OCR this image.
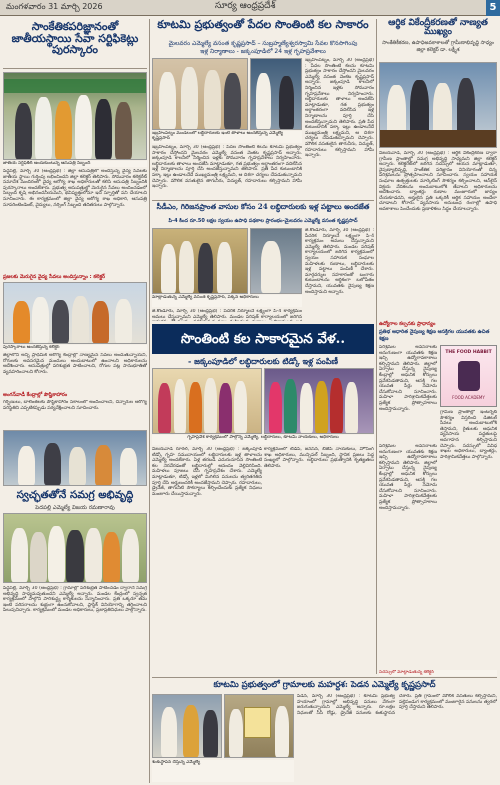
మంగళవారం 31 మార్చి 2026	సూర్య ఆంధ్రప్రదేశ్	5
సాంకేతికపరిజ్ఞానంతో జాతీయస్థాయి సేవా సర్టిఫికెట్లు పురస్కారం
జాతీయ సర్టిఫికెట్ అందుకుంటున్న ఆసుపత్రి సిబ్బంది
పెద్దపల్లి, మార్చి 30 (ఆంధ్రప్రభ) : జిల్లా ఆసుపత్రిలో అందిస్తున్న వైద్య సేవలకు జాతీయ స్థాయి గుర్తింపు లభించిందని జిల్లా కలెక్టర్ తెలిపారు. సోమవారం కలెక్టరేట్ సమావేశ మందిరంలో వైద్య ఆరోగ్య శాఖ అధికారులతో కలిసి ఆసుపత్రి సిబ్బందికి పురస్కారాలు అందజేశారు. ప్రభుత్వ ఆసుపత్రుల్లో మెరుగైన సేవలు అందించడంలో సిబ్బంది కృషి అభినందనీయమని, భవిష్యత్తులోనూ ఇదే స్ఫూర్తితో పని చేయాలని సూచించారు. ఈ కార్యక్రమంలో జిల్లా వైద్య ఆరోగ్య శాఖ అధికారి, ఆసుపత్రి సూపరింటెండెంట్, వైద్యులు, నర్సింగ్ సిబ్బంది తదితరులు పాల్గొన్నారు.
ప్రజలకు మెరుగైన వైద్య సేవలు అందిస్తున్నాం : కలెక్టర్
పురస్కారాలు అందజేస్తున్న కలెక్టర్
జిల్లాలోని అన్ని ప్రాథమిక ఆరోగ్య కేంద్రాల్లో నాణ్యమైన సేవలు అందుతున్నాయని, రోగులకు అవసరమైన మందులు అందుబాటులో ఉంచాలని అధికారులను ఆదేశించారు. ఆసుపత్రుల్లో పరిశుభ్రత పాటించాలని, రోగుల పట్ల సానుభూతితో వ్యవహరించాలని కోరారు.
అంగన్‌వాడీ కేంద్రాల్లో పౌష్టికాహారం
గర్భిణులు, బాలింతలకు పౌష్టికాహారం సకాలంలో అందించాలని, చిన్నారుల ఆరోగ్య పరిస్థితిని ఎప్పటికప్పుడు పర్యవేక్షించాలని సూచించారు.
స్వచ్ఛతతోనే సమగ్ర అభివృద్ధి
పెదపల్లి ఎమ్మెల్యే విజయ రమణారావు
పెద్దపల్లి, మార్చి 30 (ఆంధ్రప్రభ) : గ్రామాల్లో పరిశుభ్రత పాటించడం ద్వారానే సమగ్ర అభివృద్ధి సాధ్యమవుతుందని ఎమ్మెల్యే అన్నారు. మండల కేంద్రంలో స్వచ్ఛత కార్యక్రమంలో పాల్గొని పారిశుద్ధ్య కార్మికులను సన్మానించారు. ప్రతి ఒక్కరూ తమ ఇంటి పరిసరాలను శుభ్రంగా ఉంచుకోవాలని, ప్లాస్టిక్ వినియోగాన్ని తగ్గించాలని పిలుపునిచ్చారు. కార్యక్రమంలో మండల అధికారులు, ప్రజాప్రతినిధులు పాల్గొన్నారు.
కూటమి ప్రభుత్వంతో పేదల సొంతింటి కల సాకారం
మైలవరం ఎమ్మెల్యే వసంత కృష్ణప్రసాద్ – సుబ్రహ్మణ్యేశ్వరస్వామి సేవల కొనసాగింపు
ఇళ్ల నిర్మాణాలు - జక్కంపూడిలో 24 ఇళ్ల గృహప్రవేశాలు
ఇబ్రహీంపట్నం మండలంలో లబ్ధిదారులకు ఇంటి తాళాలు అందజేస్తున్న ఎమ్మెల్యే కృష్ణప్రసాద్
ఇబ్రహీంపట్నం, మార్చి 30 (ఆంధ్రప్రభ) : పేదల సొంతింటి కలను కూటమి ప్రభుత్వం సాకారం చేస్తోందని మైలవరం ఎమ్మెల్యే వసంత వెంకట కృష్ణప్రసాద్ అన్నారు. జక్కంపూడి కాలనీలో నిర్మించిన ఇళ్లకు సోమవారం గృహప్రవేశాలు నిర్వహించారు. లబ్ధిదారులకు తాళాలు అందజేసి మాట్లాడుతూ, గత ప్రభుత్వం అర్ధాంతరంగా వదిలేసిన ఇళ్ల నిర్మాణాలను పూర్తి చేసి అందజేస్తున్నామని తెలిపారు. ప్రతి పేద కుటుంబానికి పక్కా ఇల్లు ఉండాలనేదే ముఖ్యమంత్రి లక్ష్యమని, ఆ దిశగా చర్యలు చేపడుతున్నామని చెప్పారు. మౌలిక వసతులైన తాగునీరు, విద్యుత్, రహదారులు కల్పిస్తామని హామీ ఇచ్చారు.
ఇబ్రహీంపట్నం, మార్చి 30 (ఆంధ్రప్రభ) : పేదల సొంతింటి కలను కూటమి ప్రభుత్వం సాకారం చేస్తోందని మైలవరం ఎమ్మెల్యే వసంత వెంకట కృష్ణప్రసాద్ అన్నారు. జక్కంపూడి కాలనీలో నిర్మించిన ఇళ్లకు సోమవారం గృహప్రవేశాలు నిర్వహించారు. లబ్ధిదారులకు తాళాలు అందజేసి మాట్లాడుతూ, గత ప్రభుత్వం అర్ధాంతరంగా వదిలేసిన ఇళ్ల నిర్మాణాలను పూర్తి చేసి అందజేస్తున్నామని తెలిపారు. ప్రతి పేద కుటుంబానికి పక్కా ఇల్లు ఉండాలనేదే ముఖ్యమంత్రి లక్ష్యమని, ఆ దిశగా చర్యలు చేపడుతున్నామని చెప్పారు. మౌలిక వసతులైన తాగునీరు, విద్యుత్, రహదారులు కల్పిస్తామని హామీ ఇచ్చారు.
సీడీఎం, గిరిజనప్రాంత వాసుల కోసం 24 లబ్ధిదారులకు ఇళ్ల పట్టాలు అందజేత
పి-4 కింద రూ.50 లక్షల స్వయం ఉపాధి పథకాల ప్రారంభం-మైలవరం ఎమ్మెల్యే వసంత కృష్ణప్రసాద్
మాట్లాడుతున్న ఎమ్మెల్యే వసంత కృష్ణప్రసాద్, పక్కన అధికారులు
జి.కొండూరు, మార్చి 30 (ఆంధ్రప్రభ) : పేదరిక నిర్మూలనే లక్ష్యంగా పి-4 కార్యక్రమం అమలు చేస్తున్నామని ఎమ్మెల్యే తెలిపారు. మండల పరిషత్ కార్యాలయంలో జరిగిన కార్యక్రమంలో స్వయం సహాయక సంఘాల మహిళలకు రుణాలు, లబ్ధిదారులకు ఇళ్ల పట్టాలు పంపిణీ చేశారు. మార్గదర్శుల సహకారంతో బంగారు కుటుంబాలను ఆర్థికంగా బలోపేతం చేస్తామని, యువతకు నైపుణ్య శిక్షణ అందిస్తామని అన్నారు.
జి.కొండూరు, మార్చి 30 (ఆంధ్రప్రభ) : పేదరిక నిర్మూలనే లక్ష్యంగా పి-4 కార్యక్రమం అమలు చేస్తున్నామని ఎమ్మెల్యే తెలిపారు. మండల పరిషత్ కార్యాలయంలో జరిగిన
సొంతింటి కల సాకారమైన వేళ..
- జక్కంపూడిలో లబ్ధిదారులకు టిడ్కో ఇళ్ల పంపిణీ
గృహప్రవేశ కార్యక్రమంలో పాల్గొన్న ఎమ్మెల్యే, లబ్ధిదారులు, కూటమి నాయకులు, అధికారులు
విజయవాడ రూరల్, మార్చి 30 (ఆంధ్రప్రభ) : జక్కంపూడి టిడ్కో గృహ సముదాయంలో లబ్ధిదారులకు ఇళ్ల తాళాలను ఎమ్మెల్యే అందజేశారు. ఏళ్ల తరబడి ఎదురుచూసిన సొంతింటి కల నెరవేరడంతో లబ్ధిదారుల్లో ఆనందం వెల్లివిరిసింది. మహిళలు పూజలు చేసి గృహప్రవేశం చేశారు. ఎమ్మెల్యే మాట్లాడుతూ, టిడ్కో ఇళ్లలో మిగిలిన పనులను త్వరితగతిన పూర్తి చేసి అర్హులందరికీ అందజేస్తామని చెప్పారు. రహదారులు, డ్రైనేజీ, తాగునీటి సౌకర్యాలు కల్పించేందుకు ప్రత్యేక నిధులు మంజూరు చేయిస్తామన్నారు.
కార్యక్రమంలో టీడీపీ, జనసేన, బీజేపీ నాయకులు, హౌసింగ్ శాఖ అధికారులు, మున్సిపల్ సిబ్బంది, స్థానిక ప్రజలు పెద్ద సంఖ్యలో పాల్గొన్నారు. లబ్ధిదారులు ప్రభుత్వానికి కృతజ్ఞతలు తెలిపారు.
ఆర్థిక వికేంద్రీకరణతో నాణ్యత ముఖ్యం
సాంకేతికీకరణ, ఉపాధిఅవకాశాలతో గ్రామీణాభివృద్ధి సాధ్యం జిల్లా కలెక్టర్ డా. లక్ష్మీశ
విజయవాడ, మార్చి 30 (ఆంధ్రప్రభ) : ఆర్థిక వికేంద్రీకరణ ద్వారా గ్రామీణ ప్రాంతాల్లో సమగ్ర అభివృద్ధి సాధ్యమని జిల్లా కలెక్టర్ అన్నారు. కలెక్టరేట్‌లో జరిగిన సదస్సులో ఆయన మాట్లాడుతూ, నైపుణ్యాభివృద్ధి, సాంకేతిక పరిజ్ఞానం వినియోగంతో చిన్న పరిశ్రమలను ప్రోత్సహించాలని సూచించారు. స్వయం సహాయక సంఘాల ఉత్పత్తులకు మార్కెటింగ్ సౌకర్యం కల్పించాలని, ఆన్‌లైన్ విక్రయ వేదికలను అందుబాటులోకి తేవాలని అధికారులను ఆదేశించారు. బ్యాంకర్లు రుణాల మంజూరులో జాప్యం చేయకూడదని, అర్హులైన ప్రతి ఒక్కరికీ ఆర్థిక సహాయం అందేలా చూడాలని కోరారు. వ్యవసాయ అనుబంధ రంగాల్లో ఉపాధి అవకాశాలు పెంచేందుకు ప్రణాళికలు సిద్ధం చేయాలన్నారు.
ఉద్యోగాల కల్పనకు ప్రాధాన్యం
ప్రతిభ ఆధారిత నైపుణ్య శిక్షణ ఆసక్తిగల యువతకు ఉచిత శిక్షణ
పరిశ్రమల అవసరాలకు అనుగుణంగా యువతకు శిక్షణ ఇచ్చి ఉద్యోగావకాశాలు కల్పిస్తామని తెలిపారు. జిల్లాలో ఏర్పాటు చేస్తున్న నైపుణ్య కేంద్రాల్లో ఆధునిక కోర్సులు ప్రవేశపెడతామని, ఆసక్తి గల యువత పేర్లు నమోదు చేసుకోవాలని సూచించారు. మహిళా పారిశ్రామికవేత్తలకు ప్రత్యేక ప్రోత్సాహకాలు అందిస్తామన్నారు.
THE FOOD HABBIT
FOOD ACADEMY
గ్రామీణ ప్రాంతాల్లో ఇంటర్నెట్ సౌకర్యం విస్తరించి డిజిటల్ సేవలు అందుబాటులోకి తెస్తామని, రైతులకు ఆధునిక వ్యవసాయ పద్ధతులపై అవగాహన కల్పిస్తామని చెప్పారు. సదస్సులో వివిధ శాఖల అధికారులు, బ్యాంకర్లు, పారిశ్రామికవేత్తలు పాల్గొన్నారు.
పరిశ్రమల అవసరాలకు అనుగుణంగా యువతకు శిక్షణ ఇచ్చి ఉద్యోగావకాశాలు కల్పిస్తామని తెలిపారు. జిల్లాలో ఏర్పాటు చేస్తున్న నైపుణ్య కేంద్రాల్లో ఆధునిక కోర్సులు ప్రవేశపెడతామని, ఆసక్తి గల యువత పేర్లు నమోదు చేసుకోవాలని సూచించారు. మహిళా పారిశ్రామికవేత్తలకు ప్రత్యేక ప్రోత్సాహకాలు అందిస్తామన్నారు.
సదస్సులో మాట్లాడుతున్న కలెక్టర్
కూటమి ప్రభుత్వంలో గ్రామాలకు మహర్దశ: పెడన ఎమ్మెల్యే కృష్ణప్రసాద్
శంకుస్థాపన చేస్తున్న ఎమ్మెల్యే
పెడన, మార్చి 30 (ఆంధ్రప్రభ) : కూటమి ప్రభుత్వ హయాంలో గ్రామాల్లో అభివృద్ధి పనులు వేగంగా జరుగుతున్నాయని ఎమ్మెల్యే అన్నారు. రూ.లక్షల నిధులతో సీసీ రోడ్లు, డ్రైనేజీ పనులకు శంకుస్థాపన చేశారు. ప్రతి గ్రామంలో మౌలిక వసతులు కల్పిస్తామని, పల్లెపండుగ కార్యక్రమంలో మంజూరైన పనులను త్వరలో పూర్తి చేస్తామని తెలిపారు.
